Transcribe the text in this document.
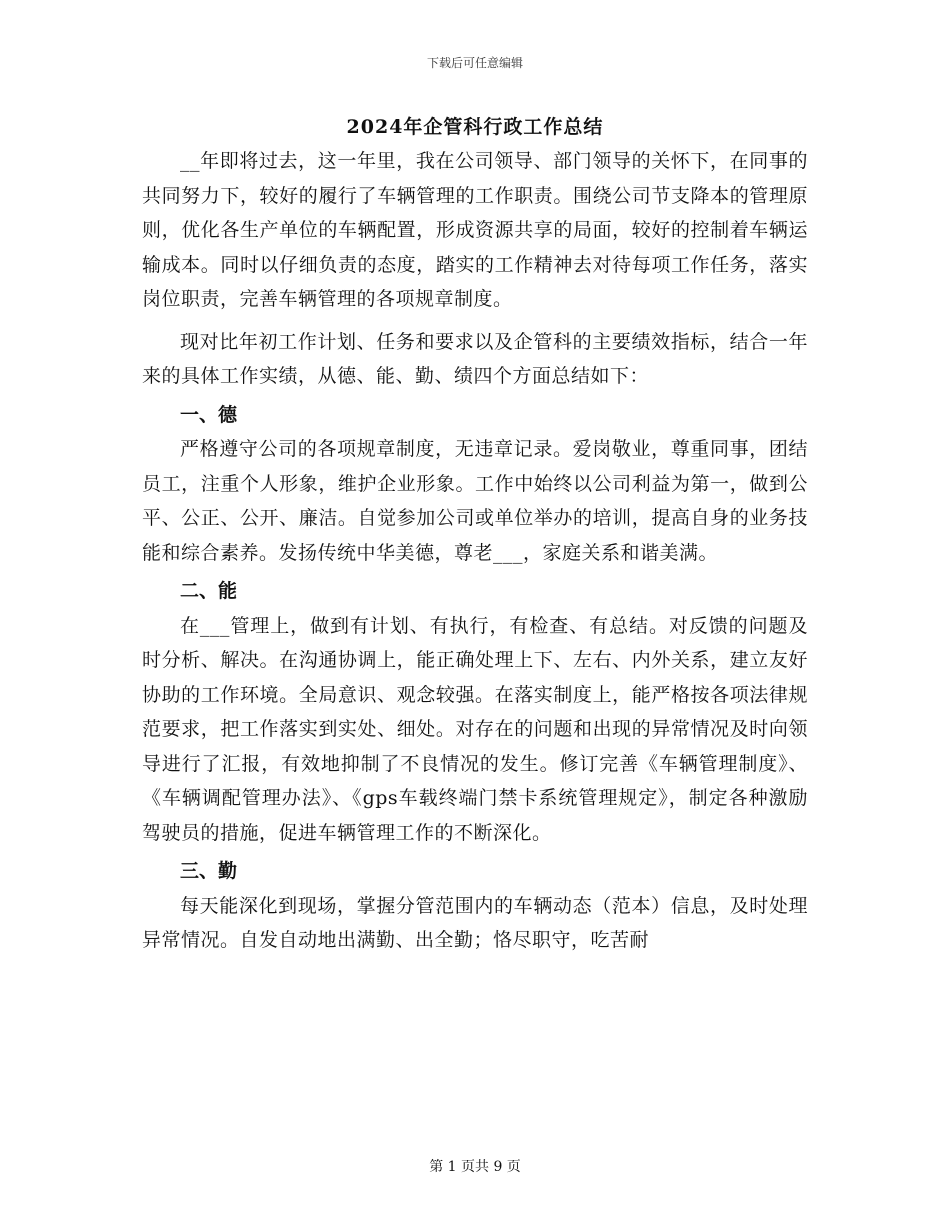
下载后可任意编辑
2024年企管科行政工作总结

__年即将过去，这一年里，我在公司领导、部门领导的关怀下，在同事的共同努力下，较好的履行了车辆管理的工作职责。围绕公司节支降本的管理原则，优化各生产单位的车辆配置，形成资源共享的局面，较好的控制着车辆运输成本。同时以仔细负责的态度，踏实的工作精神去对待每项工作任务，落实岗位职责，完善车辆管理的各项规章制度。

现对比年初工作计划、任务和要求以及企管科的主要绩效指标，结合一年来的具体工作实绩，从德、能、勤、绩四个方面总结如下：

一、德

严格遵守公司的各项规章制度，无违章记录。爱岗敬业，尊重同事，团结员工，注重个人形象，维护企业形象。工作中始终以公司利益为第一，做到公平、公正、公开、廉洁。自觉参加公司或单位举办的培训，提高自身的业务技能和综合素养。发扬传统中华美德，尊老___，家庭关系和谐美满。

二、能

在___管理上，做到有计划、有执行，有检查、有总结。对反馈的问题及时分析、解决。在沟通协调上，能正确处理上下、左右、内外关系，建立友好协助的工作环境。全局意识、观念较强。在落实制度上，能严格按各项法律规范要求，把工作落实到实处、细处。对存在的问题和出现的异常情况及时向领导进行了汇报，有效地抑制了不良情况的发生。修订完善《车辆管理制度》、《车辆调配管理办法》、《gps车载终端门禁卡系统管理规定》，制定各种激励驾驶员的措施，促进车辆管理工作的不断深化。

三、勤

每天能深化到现场，掌握分管范围内的车辆动态（范本）信息，及时处理异常情况。自发自动地出满勤、出全勤；恪尽职守，吃苦耐

第 1 页共 9 页
